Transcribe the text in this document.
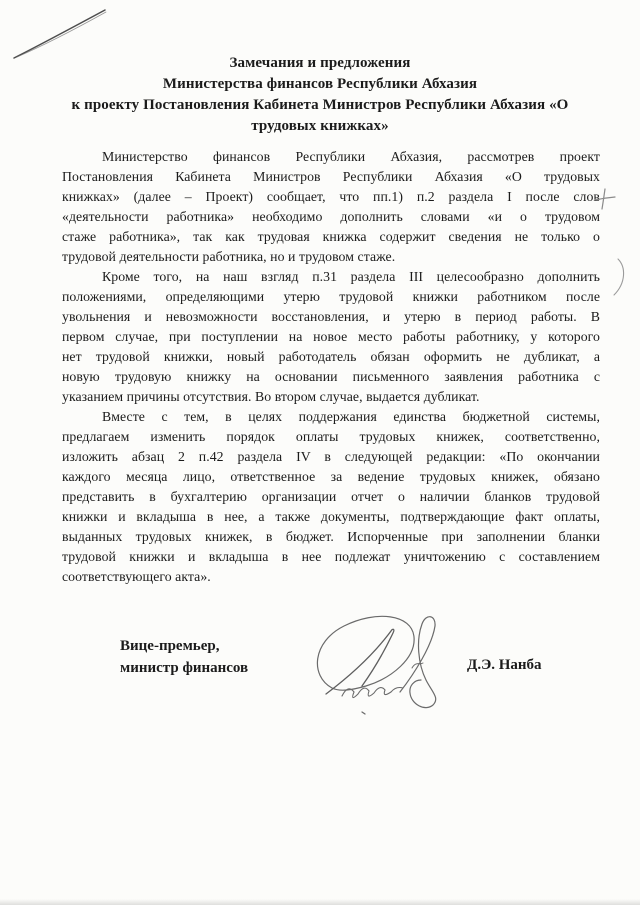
Замечания и предложения
Министерства финансов Республики Абхазия
к проекту Постановления Кабинета Министров Республики Абхазия «О
трудовых книжках»
Министерство финансов Республики Абхазия, рассмотрев проект
Постановления Кабинета Министров Республики Абхазия «О трудовых
книжках» (далее – Проект) сообщает, что пп.1) п.2 раздела I после слов
«деятельности работника» необходимо дополнить словами «и о трудовом
стаже работника», так как трудовая книжка содержит сведения не только о
трудовой деятельности работника, но и трудовом стаже.
Кроме того, на наш взгляд п.31 раздела III целесообразно дополнить
положениями, определяющими утерю трудовой книжки работником после
увольнения и невозможности восстановления, и утерю в период работы. В
первом случае, при поступлении на новое место работы работнику, у которого
нет трудовой книжки, новый работодатель обязан оформить не дубликат, а
новую трудовую книжку на основании письменного заявления работника с
указанием причины отсутствия. Во втором случае, выдается дубликат.
Вместе с тем, в целях поддержания единства бюджетной системы,
предлагаем изменить порядок оплаты трудовых книжек, соответственно,
изложить абзац 2 п.42 раздела IV в следующей редакции: «По окончании
каждого месяца лицо, ответственное за ведение трудовых книжек, обязано
представить в бухгалтерию организации отчет о наличии бланков трудовой
книжки и вкладыша в нее, а также документы, подтверждающие факт оплаты,
выданных трудовых книжек, в бюджет. Испорченные при заполнении бланки
трудовой книжки и вкладыша в нее подлежат уничтожению с составлением
соответствующего акта».
Вице-премьер,
министр финансов	Д.Э. Нанба
